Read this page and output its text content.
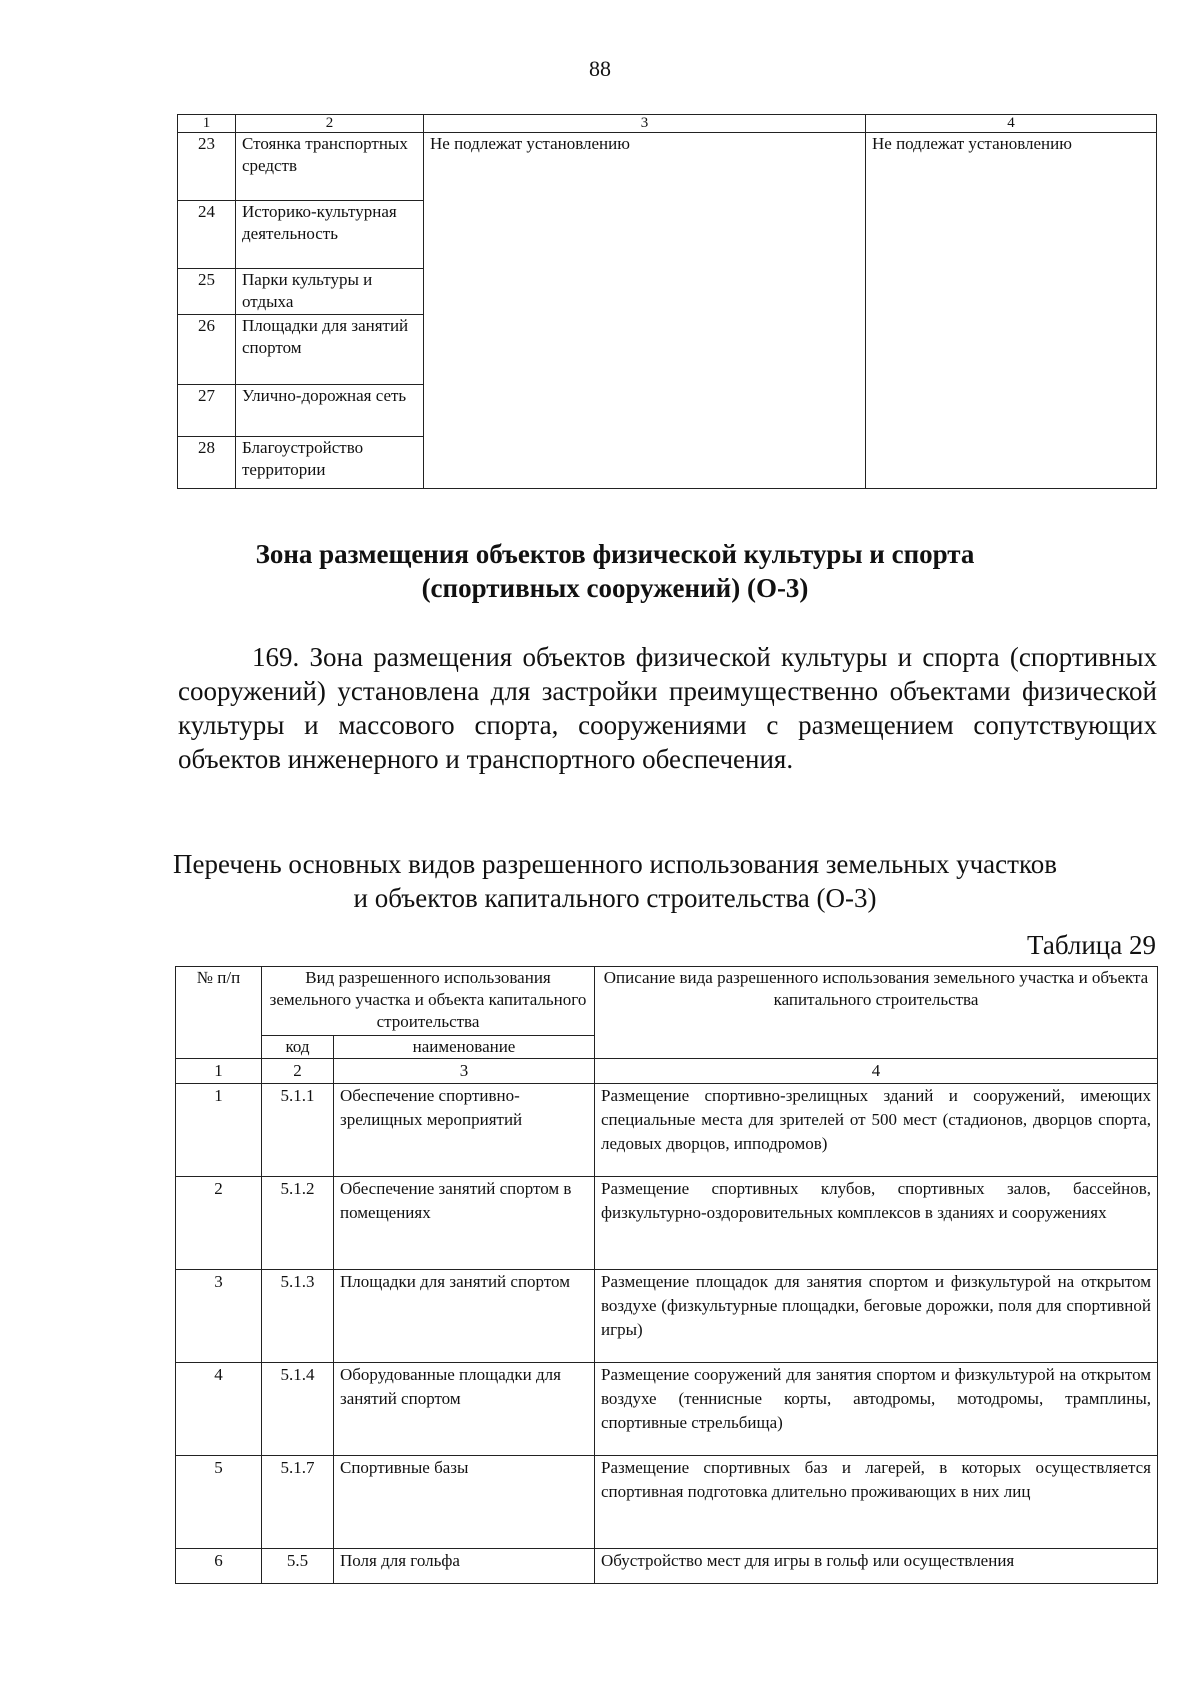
88
1	2	3	4
23	Стоянка транспортных средств	Не подлежат установлению	Не подлежат установлению
24	Историко-культурная деятельность		
25	Парки культуры и отдыха		
26	Площадки для занятий спортом		
27	Улично-дорожная сеть		
28	Благоустройство территории		
Зона размещения объектов физической культуры и спорта
(спортивных сооружений) (О-3)

169. Зона размещения объектов физической культуры и спорта (спортивных сооружений) установлена для застройки преимущественно объектами физической культуры и массового спорта, сооружениями с размещением сопутствующих объектов инженерного и транспортного обеспечения.

Перечень основных видов разрешенного использования земельных участков
и объектов капитального строительства (О-3)
Таблица 29
№ п/п	Вид разрешенного использования земельного участка и объекта капитального строительства		Описание вида разрешенного использования земельного участка и объекта капитального строительства
	код	наименование	
1	2	3	4
1	5.1.1	Обеспечение спортивно-зрелищных мероприятий	Размещение спортивно-зрелищных зданий и сооружений, имеющих специальные места для зрителей от 500 мест (стадионов, дворцов спорта, ледовых дворцов, ипподромов)
2	5.1.2	Обеспечение занятий спортом в помещениях	Размещение спортивных клубов, спортивных залов, бассейнов, физкультурно-оздоровительных комплексов в зданиях и сооружениях
3	5.1.3	Площадки для занятий спортом	Размещение площадок для занятия спортом и физкультурой на открытом воздухе (физкультурные площадки, беговые дорожки, поля для спортивной игры)
4	5.1.4	Оборудованные площадки для занятий спортом	Размещение сооружений для занятия спортом и физкультурой на открытом воздухе (теннисные корты, автодромы, мотодромы, трамплины, спортивные стрельбища)
5	5.1.7	Спортивные базы	Размещение спортивных баз и лагерей, в которых осуществляется спортивная подготовка длительно проживающих в них лиц
6	5.5	Поля для гольфа	Обустройство мест для игры в гольф или осуществления
